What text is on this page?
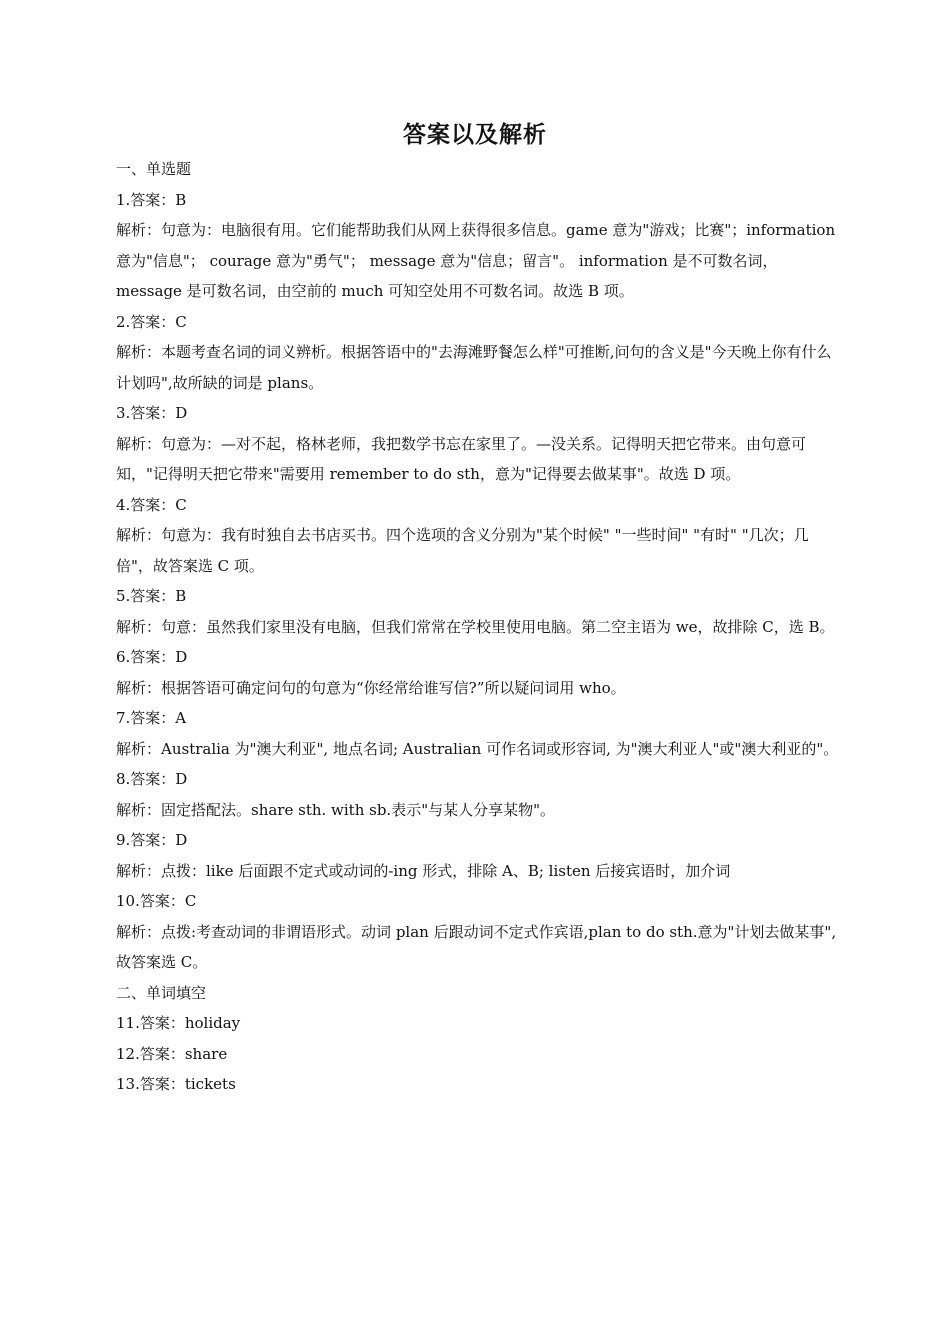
答案以及解析
一、单选题
1.答案：B
解析：句意为：电脑很有用。它们能帮助我们从网上获得很多信息。game 意为"游戏；比赛"；information 意为"信息"； courage 意为"勇气"； message 意为"信息；留言"。 information 是不可数名词， message 是可数名词，由空前的 much 可知空处用不可数名词。故选 B 项。
2.答案：C
解析：本题考查名词的词义辨析。根据答语中的"去海滩野餐怎么样"可推断,问句的含义是"今天晚上你有什么计划吗",故所缺的词是 plans。
3.答案：D
解析：句意为：—对不起，格林老师，我把数学书忘在家里了。—没关系。记得明天把它带来。由句意可知，"记得明天把它带来"需要用 remember to do sth，意为"记得要去做某事"。故选 D 项。
4.答案：C
解析：句意为：我有时独自去书店买书。四个选项的含义分别为"某个时候" "一些时间" "有时" "几次；几倍"，故答案选 C 项。
5.答案：B
解析：句意：虽然我们家里没有电脑，但我们常常在学校里使用电脑。第二空主语为 we，故排除 C，选 B。
6.答案：D
解析：根据答语可确定问句的句意为“你经常给谁写信?”所以疑问词用 who。
7.答案：A
解析：Australia 为"澳大利亚", 地点名词; Australian 可作名词或形容词, 为"澳大利亚人"或"澳大利亚的"。
8.答案：D
解析：固定搭配法。share sth. with sb.表示"与某人分享某物"。
9.答案：D
解析：点拨：like 后面跟不定式或动词的-ing 形式，排除 A、B; listen 后接宾语时，加介词
10.答案：C
解析：点拨:考查动词的非谓语形式。动词 plan 后跟动词不定式作宾语,plan to do sth.意为"计划去做某事",故答案选 C。
二、单词填空
11.答案：holiday
12.答案：share
13.答案：tickets
